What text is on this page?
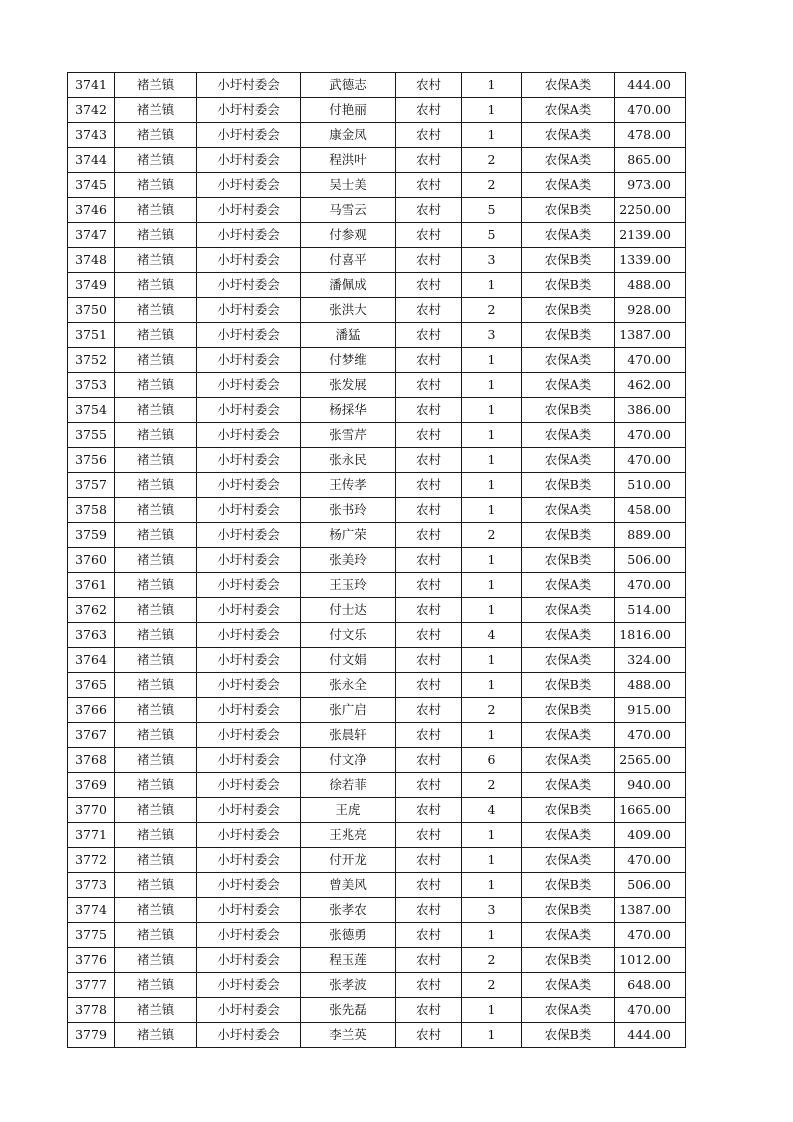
3741	褚兰镇	小圩村委会	武德志	农村	1	农保A类	444.00
3742	褚兰镇	小圩村委会	付艳丽	农村	1	农保A类	470.00
3743	褚兰镇	小圩村委会	康金凤	农村	1	农保A类	478.00
3744	褚兰镇	小圩村委会	程洪叶	农村	2	农保A类	865.00
3745	褚兰镇	小圩村委会	吴士美	农村	2	农保A类	973.00
3746	褚兰镇	小圩村委会	马雪云	农村	5	农保B类	2250.00
3747	褚兰镇	小圩村委会	付参观	农村	5	农保A类	2139.00
3748	褚兰镇	小圩村委会	付喜平	农村	3	农保B类	1339.00
3749	褚兰镇	小圩村委会	潘佩成	农村	1	农保B类	488.00
3750	褚兰镇	小圩村委会	张洪大	农村	2	农保B类	928.00
3751	褚兰镇	小圩村委会	潘猛	农村	3	农保B类	1387.00
3752	褚兰镇	小圩村委会	付梦维	农村	1	农保A类	470.00
3753	褚兰镇	小圩村委会	张发展	农村	1	农保A类	462.00
3754	褚兰镇	小圩村委会	杨採华	农村	1	农保B类	386.00
3755	褚兰镇	小圩村委会	张雪芹	农村	1	农保A类	470.00
3756	褚兰镇	小圩村委会	张永民	农村	1	农保A类	470.00
3757	褚兰镇	小圩村委会	王传孝	农村	1	农保B类	510.00
3758	褚兰镇	小圩村委会	张书玲	农村	1	农保A类	458.00
3759	褚兰镇	小圩村委会	杨广荣	农村	2	农保B类	889.00
3760	褚兰镇	小圩村委会	张美玲	农村	1	农保B类	506.00
3761	褚兰镇	小圩村委会	王玉玲	农村	1	农保A类	470.00
3762	褚兰镇	小圩村委会	付士达	农村	1	农保A类	514.00
3763	褚兰镇	小圩村委会	付文乐	农村	4	农保A类	1816.00
3764	褚兰镇	小圩村委会	付文娟	农村	1	农保A类	324.00
3765	褚兰镇	小圩村委会	张永全	农村	1	农保B类	488.00
3766	褚兰镇	小圩村委会	张广启	农村	2	农保B类	915.00
3767	褚兰镇	小圩村委会	张晨轩	农村	1	农保A类	470.00
3768	褚兰镇	小圩村委会	付文净	农村	6	农保A类	2565.00
3769	褚兰镇	小圩村委会	徐若菲	农村	2	农保A类	940.00
3770	褚兰镇	小圩村委会	王虎	农村	4	农保B类	1665.00
3771	褚兰镇	小圩村委会	王兆亮	农村	1	农保A类	409.00
3772	褚兰镇	小圩村委会	付开龙	农村	1	农保A类	470.00
3773	褚兰镇	小圩村委会	曾美风	农村	1	农保B类	506.00
3774	褚兰镇	小圩村委会	张孝农	农村	3	农保B类	1387.00
3775	褚兰镇	小圩村委会	张德勇	农村	1	农保A类	470.00
3776	褚兰镇	小圩村委会	程玉莲	农村	2	农保B类	1012.00
3777	褚兰镇	小圩村委会	张孝波	农村	2	农保A类	648.00
3778	褚兰镇	小圩村委会	张先磊	农村	1	农保A类	470.00
3779	褚兰镇	小圩村委会	李兰英	农村	1	农保B类	444.00
